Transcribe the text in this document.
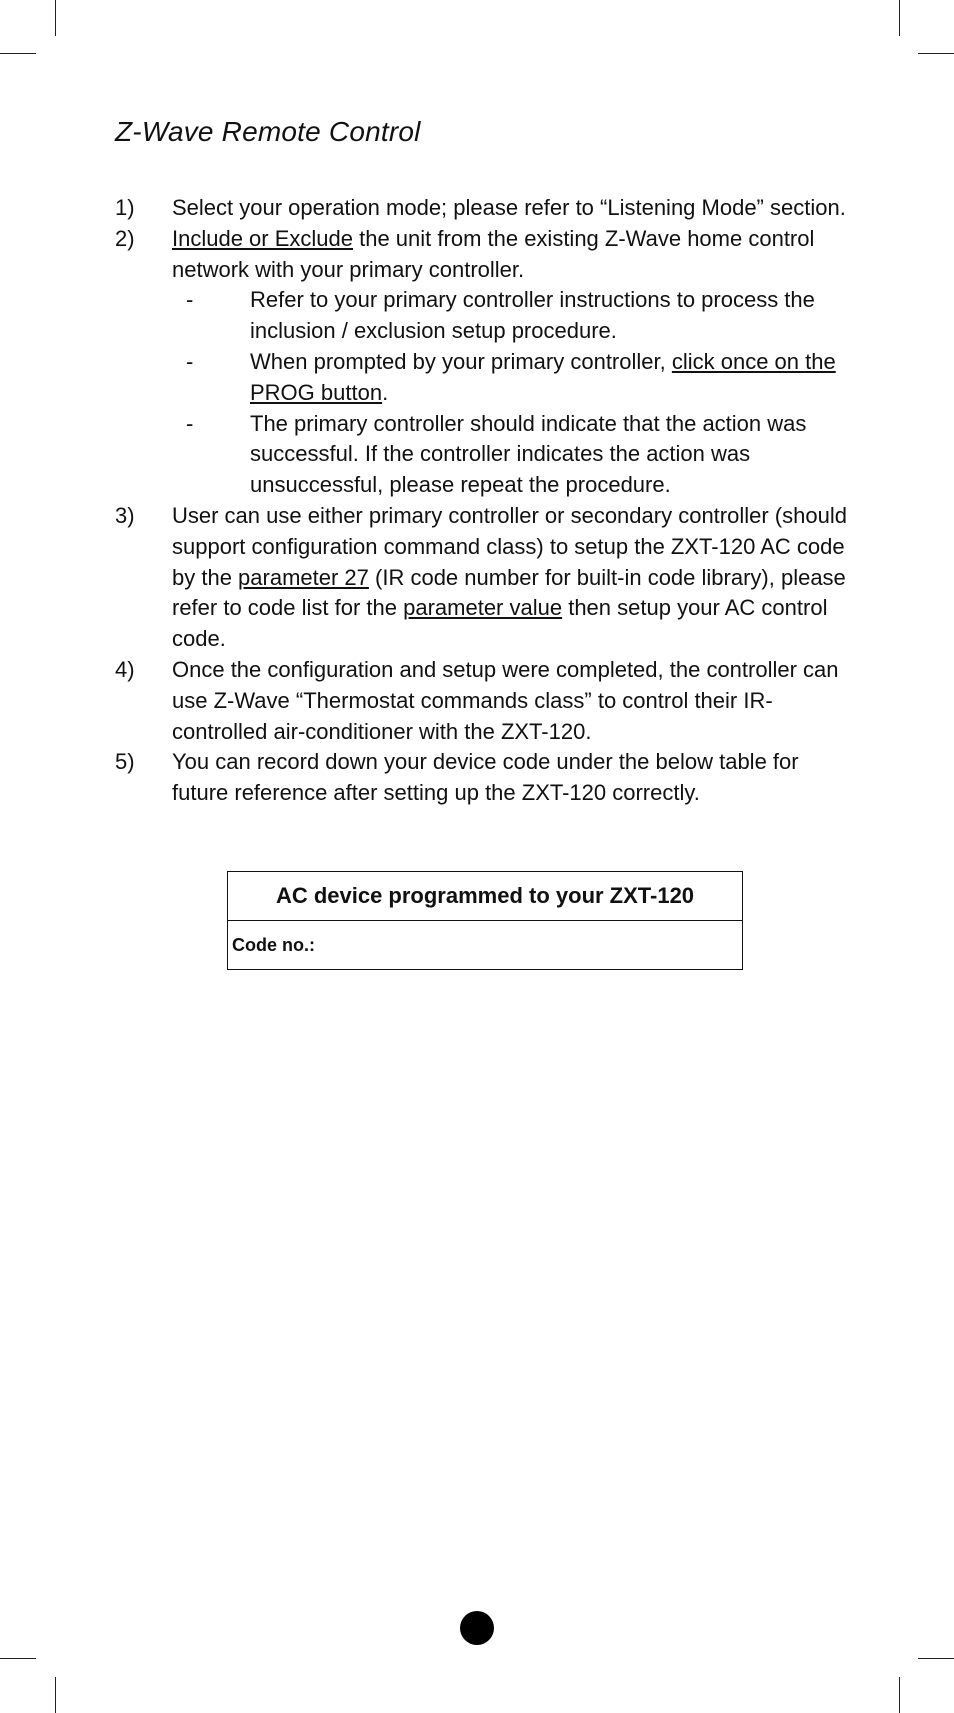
Z-Wave Remote Control
1)	Select your operation mode; please refer to “Listening Mode” section.
2)	Include or Exclude the unit from the existing Z-Wave home control network with your primary controller.
-	Refer to your primary controller instructions to process the inclusion / exclusion setup procedure.
-	When prompted by your primary controller, click once on the PROG button.
-	The primary controller should indicate that the action was successful. If the controller indicates the action was unsuccessful, please repeat the procedure.
3)	User can use either primary controller or secondary controller (should support configuration command class) to setup the ZXT-120 AC code by the parameter 27 (IR code number for built-in code library), please refer to code list for the parameter value then setup your AC control code.
4)	Once the configuration and setup were completed, the controller can use Z-Wave “Thermostat commands class” to control their IR-controlled air-conditioner with the ZXT-120.
5)	You can record down your device code under the below table for future reference after setting up the ZXT-120 correctly.
AC device programmed to your ZXT-120
Code no.:
